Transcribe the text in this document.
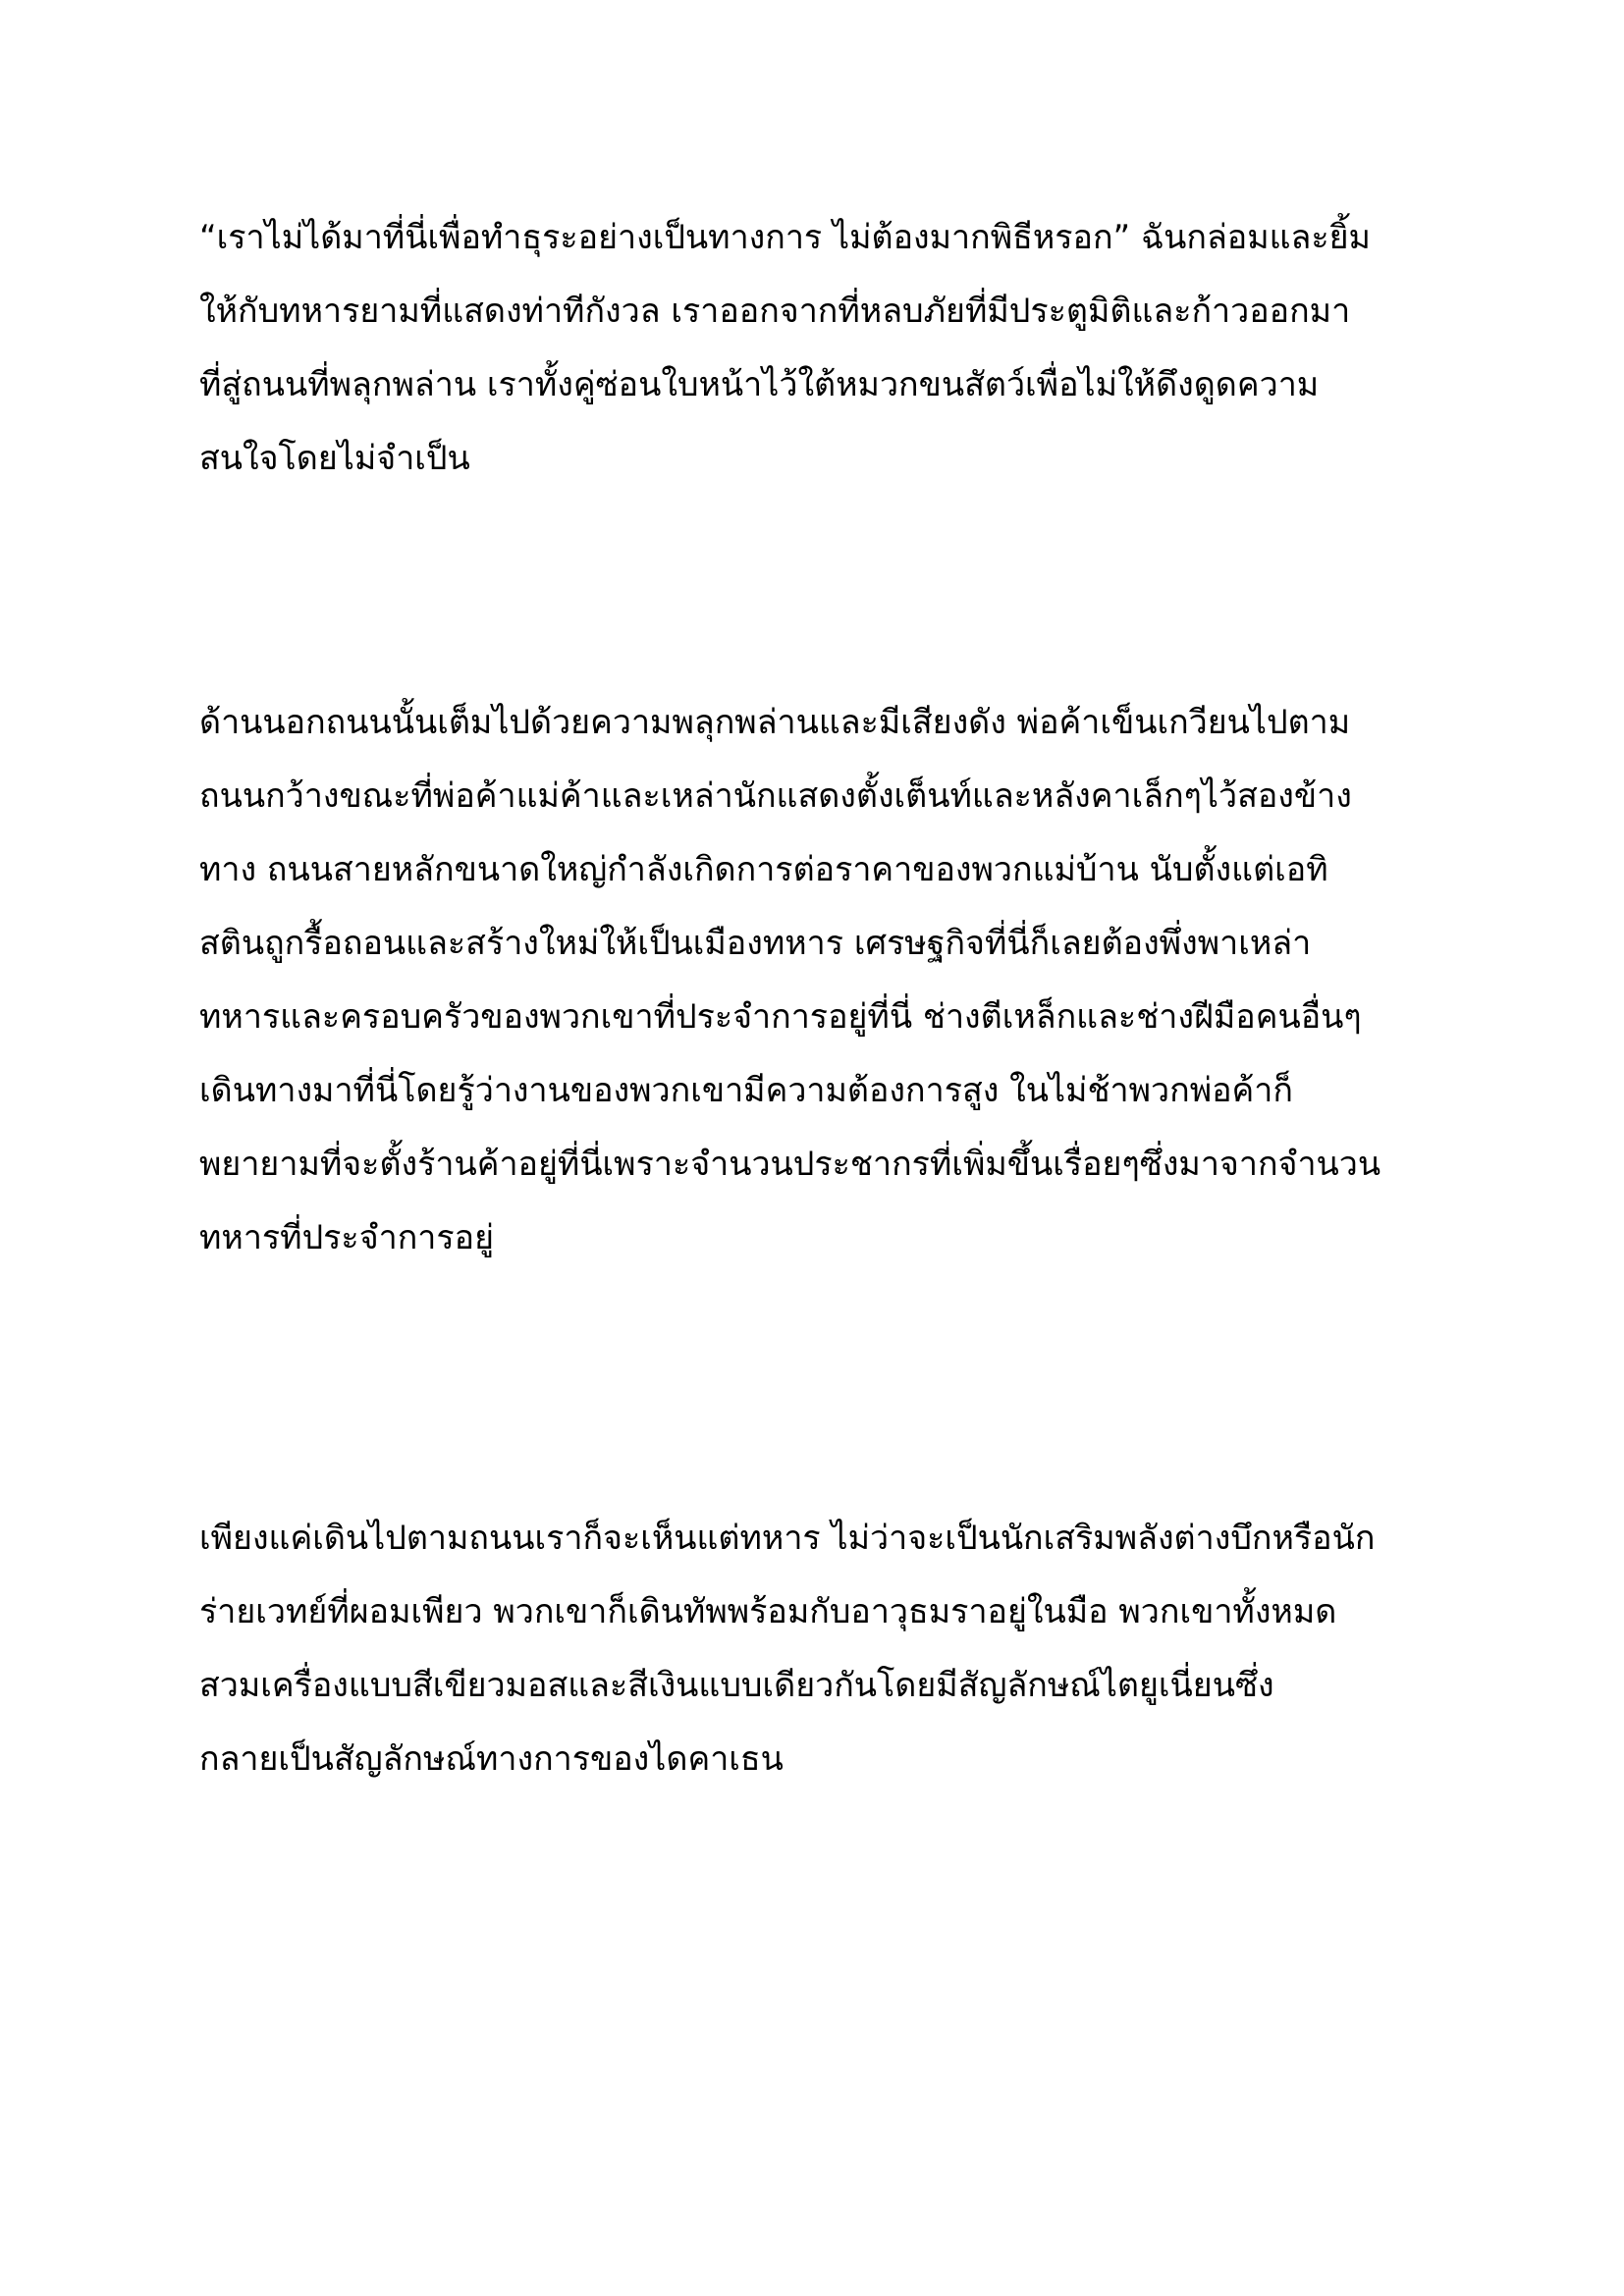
“เราไม่ได้มาที่นี่เพื่อทำธุระอย่างเป็นทางการ ไม่ต้องมากพิธีหรอก” ฉันกล่อมและยิ้ม
ให้กับทหารยามที่แสดงท่าทีกังวล เราออกจากที่หลบภัยที่มีประตูมิติและก้าวออกมา
ที่สู่ถนนที่พลุกพล่าน เราทั้งคู่ซ่อนใบหน้าไว้ใต้หมวกขนสัตว์เพื่อไม่ให้ดึงดูดความ
สนใจโดยไม่จำเป็น

ด้านนอกถนนนั้นเต็มไปด้วยความพลุกพล่านและมีเสียงดัง พ่อค้าเข็นเกวียนไปตาม
ถนนกว้างขณะที่พ่อค้าแม่ค้าและเหล่านักแสดงตั้งเต็นท์และหลังคาเล็กๆไว้สองข้าง
ทาง ถนนสายหลักขนาดใหญ่กำลังเกิดการต่อราคาของพวกแม่บ้าน นับตั้งแต่เอทิ
สตินถูกรื้อถอนและสร้างใหม่ให้เป็นเมืองทหาร เศรษฐกิจที่นี่ก็เลยต้องพึ่งพาเหล่า
ทหารและครอบครัวของพวกเขาที่ประจำการอยู่ที่นี่ ช่างตีเหล็กและช่างฝีมือคนอื่นๆ
เดินทางมาที่นี่โดยรู้ว่างานของพวกเขามีความต้องการสูง ในไม่ช้าพวกพ่อค้าก็
พยายามที่จะตั้งร้านค้าอยู่ที่นี่เพราะจำนวนประชากรที่เพิ่มขึ้นเรื่อยๆซึ่งมาจากจำนวน
ทหารที่ประจำการอยู่

เพียงแค่เดินไปตามถนนเราก็จะเห็นแต่ทหาร ไม่ว่าจะเป็นนักเสริมพลังต่างบึกหรือนัก
ร่ายเวทย์ที่ผอมเพียว พวกเขาก็เดินทัพพร้อมกับอาวุธมราอยู่ในมือ พวกเขาทั้งหมด
สวมเครื่องแบบสีเขียวมอสและสีเงินแบบเดียวกันโดยมีสัญลักษณ์ไตยูเนี่ยนซึ่ง
กลายเป็นสัญลักษณ์ทางการของไดคาเธน
